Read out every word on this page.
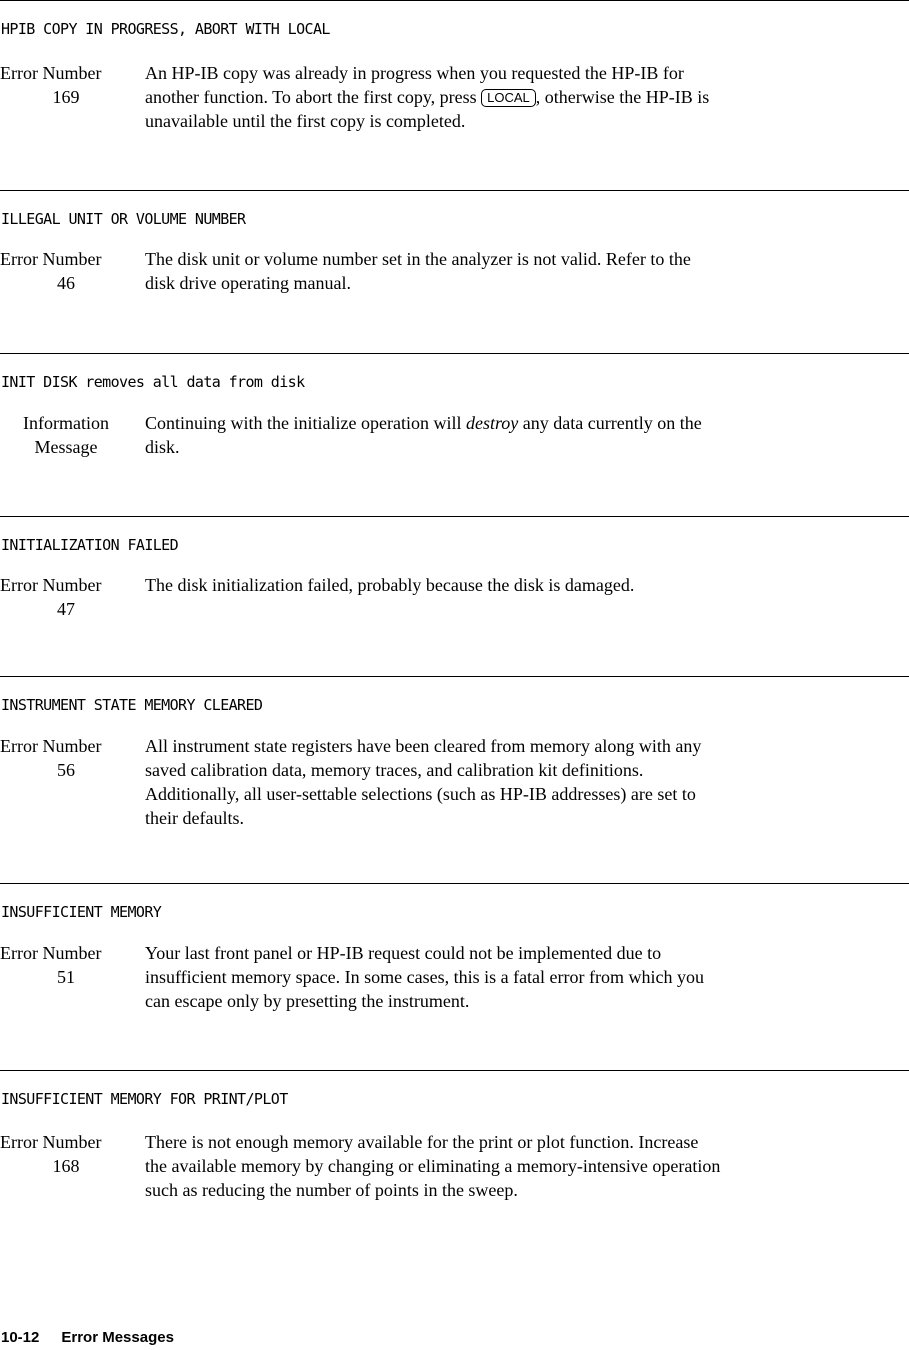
HPIB COPY IN PROGRESS, ABORT WITH LOCAL
Error Number
169
An HP-IB copy was already in progress when you requested the HP-IB for
another function. To abort the first copy, press LOCAL , otherwise the HP-IB is
unavailable until the first copy is completed.
ILLEGAL UNIT OR VOLUME NUMBER
Error Number
46
The disk unit or volume number set in the analyzer is not valid. Refer to the
disk drive operating manual.
INIT DISK removes all data from disk
Information
Message
Continuing with the initialize operation will destroy any data currently on the
disk.
INITIALIZATION FAILED
Error Number
47
The disk initialization failed, probably because the disk is damaged.
INSTRUMENT STATE MEMORY CLEARED
Error Number
56
All instrument state registers have been cleared from memory along with any
saved calibration data, memory traces, and calibration kit definitions.
Additionally, all user-settable selections (such as HP-IB addresses) are set to
their defaults.
INSUFFICIENT MEMORY
Error Number
51
Your last front panel or HP-IB request could not be implemented due to
insufficient memory space. In some cases, this is a fatal error from which you
can escape only by presetting the instrument.
INSUFFICIENT MEMORY FOR PRINT/PLOT
Error Number
168
There is not enough memory available for the print or plot function. Increase
the available memory by changing or eliminating a memory-intensive operation
such as reducing the number of points in the sweep.
10-12 Error Messages
